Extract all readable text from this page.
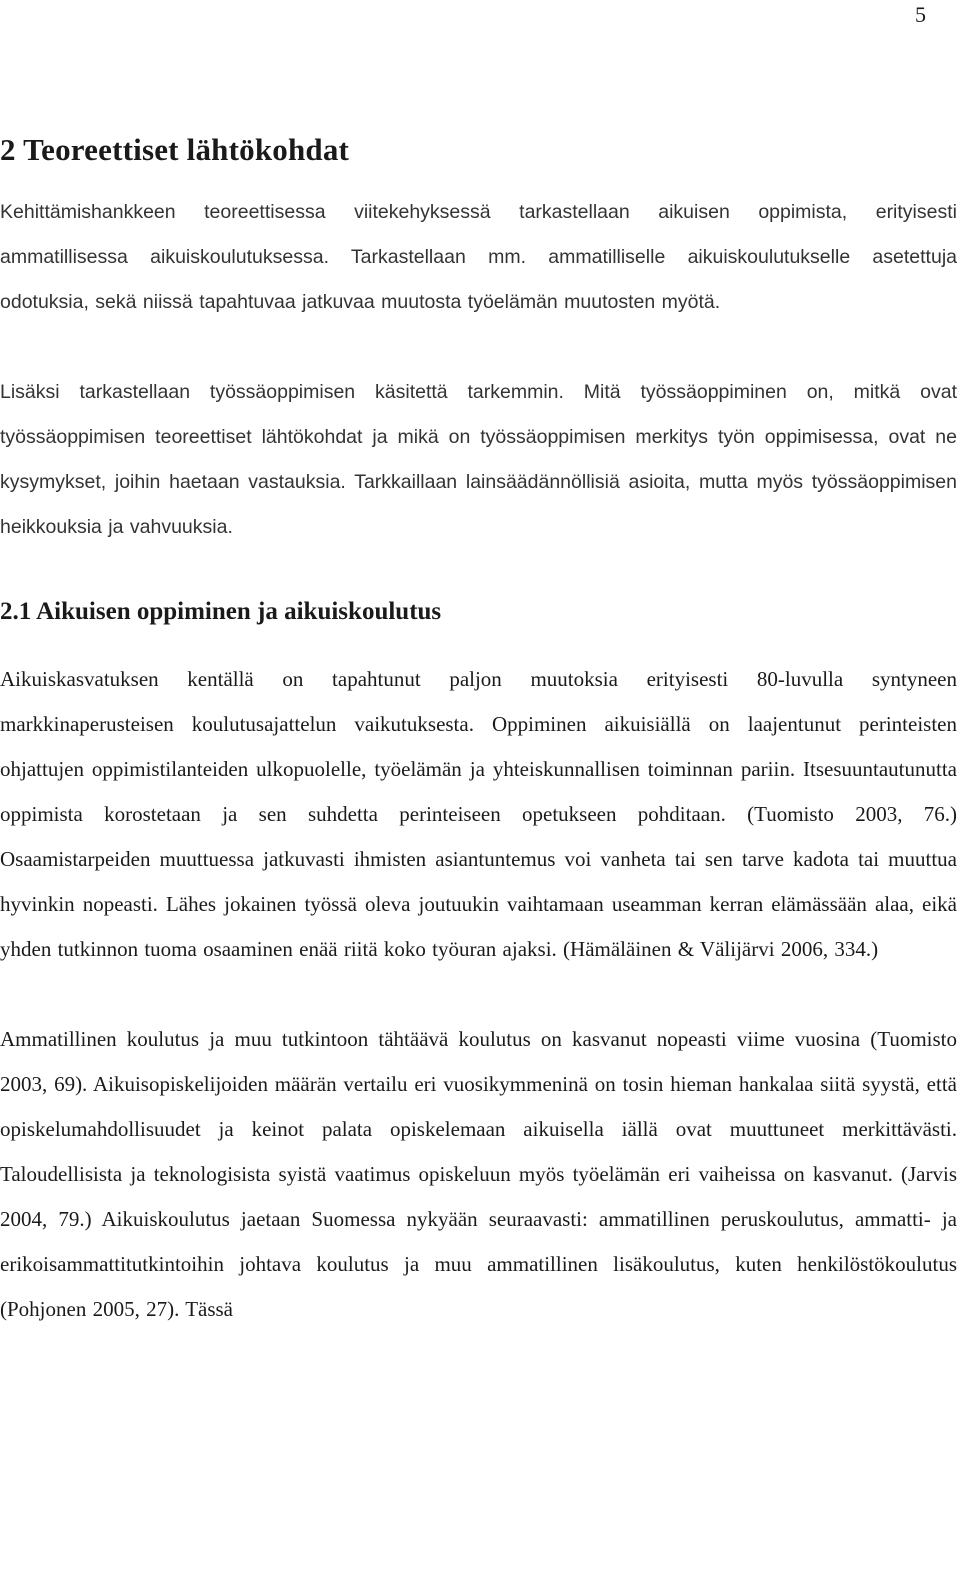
5
2 Teoreettiset lähtökohdat

Kehittämishankkeen teoreettisessa viitekehyksessä tarkastellaan aikuisen oppimista, erityisesti ammatillisessa aikuiskoulutuksessa. Tarkastellaan mm. ammatilliselle aikuiskoulutukselle asetettuja odotuksia, sekä niissä tapahtuvaa jatkuvaa muutosta työelämän muutosten myötä.

Lisäksi tarkastellaan työssäoppimisen käsitettä tarkemmin. Mitä työssäoppiminen on, mitkä ovat työssäoppimisen teoreettiset lähtökohdat ja mikä on työssäoppimisen merkitys työn oppimisessa, ovat ne kysymykset, joihin haetaan vastauksia. Tarkkaillaan lainsäädännöllisiä asioita, mutta myös työssäoppimisen heikkouksia ja vahvuuksia.

2.1 Aikuisen oppiminen ja aikuiskoulutus

Aikuiskasvatuksen kentällä on tapahtunut paljon muutoksia erityisesti 80-luvulla syntyneen markkinaperusteisen koulutusajattelun vaikutuksesta. Oppiminen aikuisiällä on laajentunut perinteisten ohjattujen oppimistilanteiden ulkopuolelle, työelämän ja yhteiskunnallisen toiminnan pariin. Itsesuuntautunutta oppimista korostetaan ja sen suhdetta perinteiseen opetukseen pohditaan. (Tuomisto 2003, 76.) Osaamistarpeiden muuttuessa jatkuvasti ihmisten asiantuntemus voi vanheta tai sen tarve kadota tai muuttua hyvinkin nopeasti. Lähes jokainen työssä oleva joutuukin vaihtamaan useamman kerran elämässään alaa, eikä yhden tutkinnon tuoma osaaminen enää riitä koko työuran ajaksi. (Hämäläinen & Välijärvi 2006, 334.)

Ammatillinen koulutus ja muu tutkintoon tähtäävä koulutus on kasvanut nopeasti viime vuosina (Tuomisto 2003, 69). Aikuisopiskelijoiden määrän vertailu eri vuosikymmeninä on tosin hieman hankalaa siitä syystä, että opiskelumahdollisuudet ja keinot palata opiskelemaan aikuisella iällä ovat muuttuneet merkittävästi. Taloudellisista ja teknologisista syistä vaatimus opiskeluun myös työelämän eri vaiheissa on kasvanut. (Jarvis 2004, 79.) Aikuiskoulutus jaetaan Suomessa nykyään seuraavasti: ammatillinen peruskoulutus, ammatti- ja erikoisammattitutkintoihin johtava koulutus ja muu ammatillinen lisäkoulutus, kuten henkilöstökoulutus (Pohjonen 2005, 27). Tässä
